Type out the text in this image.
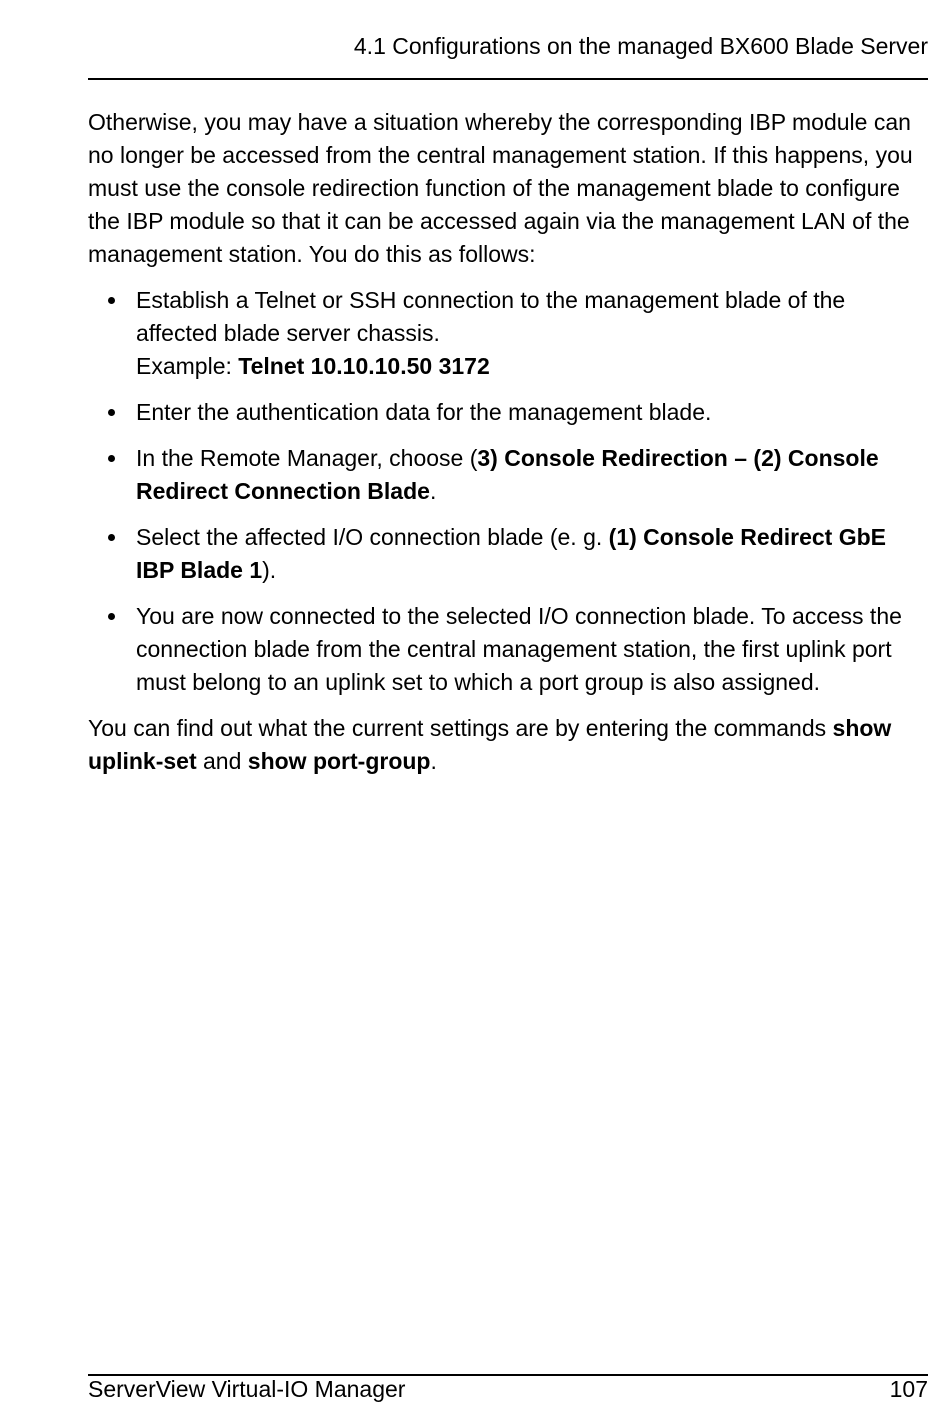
4.1 Configurations on the managed BX600 Blade Server

Otherwise, you may have a situation whereby the corresponding IBP module can no longer be accessed from the central management station. If this happens, you must use the console redirection function of the management blade to configure the IBP module so that it can be accessed again via the management LAN of the management station. You do this as follows:

Establish a Telnet or SSH connection to the management blade of the affected blade server chassis.
Example: Telnet 10.10.10.50 3172
Enter the authentication data for the management blade.
In the Remote Manager, choose (3) Console Redirection – (2) Console Redirect Connection Blade.
Select the affected I/O connection blade (e. g. (1) Console Redirect GbE IBP Blade 1).
You are now connected to the selected I/O connection blade. To access the connection blade from the central management station, the first uplink port must belong to an uplink set to which a port group is also assigned.

You can find out what the current settings are by entering the commands show uplink-set and show port-group.

ServerView Virtual-IO Manager	107
